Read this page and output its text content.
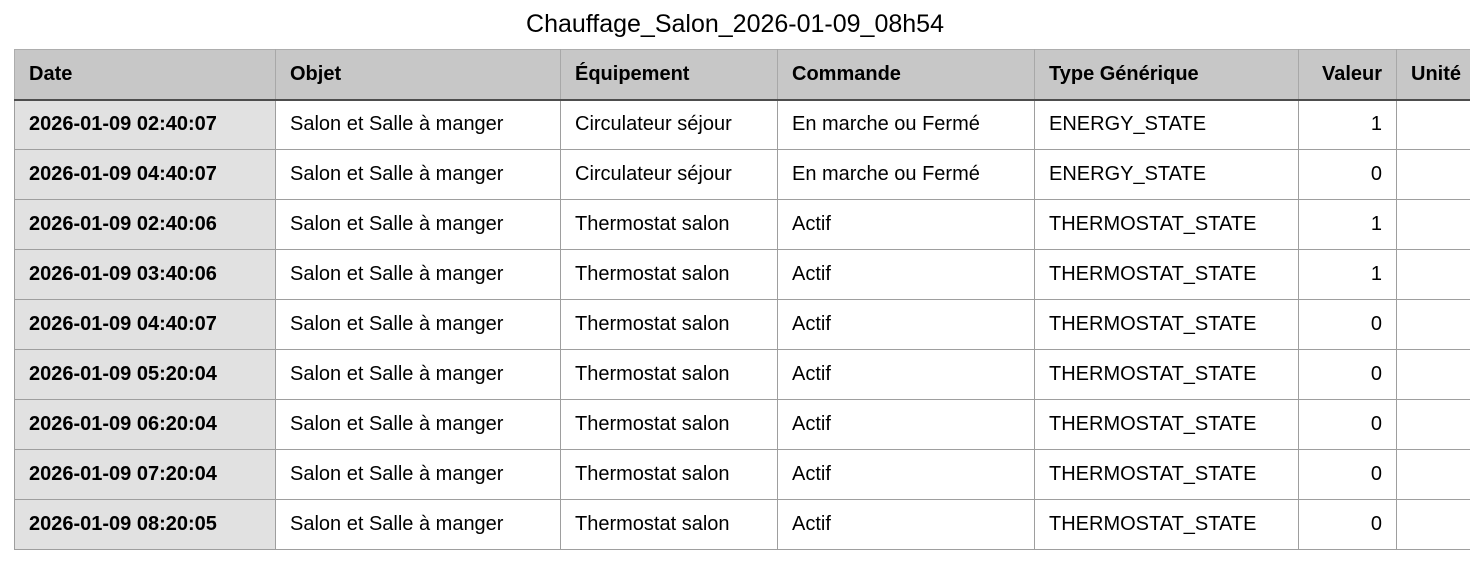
Chauffage_Salon_2026-01-09_08h54
Date	Objet	Équipement	Commande	Type Générique	Valeur	Unité
2026-01-09 02:40:07	Salon et Salle à manger	Circulateur séjour	En marche ou Fermé	ENERGY_STATE	1	
2026-01-09 04:40:07	Salon et Salle à manger	Circulateur séjour	En marche ou Fermé	ENERGY_STATE	0	
2026-01-09 02:40:06	Salon et Salle à manger	Thermostat salon	Actif	THERMOSTAT_STATE	1	
2026-01-09 03:40:06	Salon et Salle à manger	Thermostat salon	Actif	THERMOSTAT_STATE	1	
2026-01-09 04:40:07	Salon et Salle à manger	Thermostat salon	Actif	THERMOSTAT_STATE	0	
2026-01-09 05:20:04	Salon et Salle à manger	Thermostat salon	Actif	THERMOSTAT_STATE	0	
2026-01-09 06:20:04	Salon et Salle à manger	Thermostat salon	Actif	THERMOSTAT_STATE	0	
2026-01-09 07:20:04	Salon et Salle à manger	Thermostat salon	Actif	THERMOSTAT_STATE	0	
2026-01-09 08:20:05	Salon et Salle à manger	Thermostat salon	Actif	THERMOSTAT_STATE	0	
